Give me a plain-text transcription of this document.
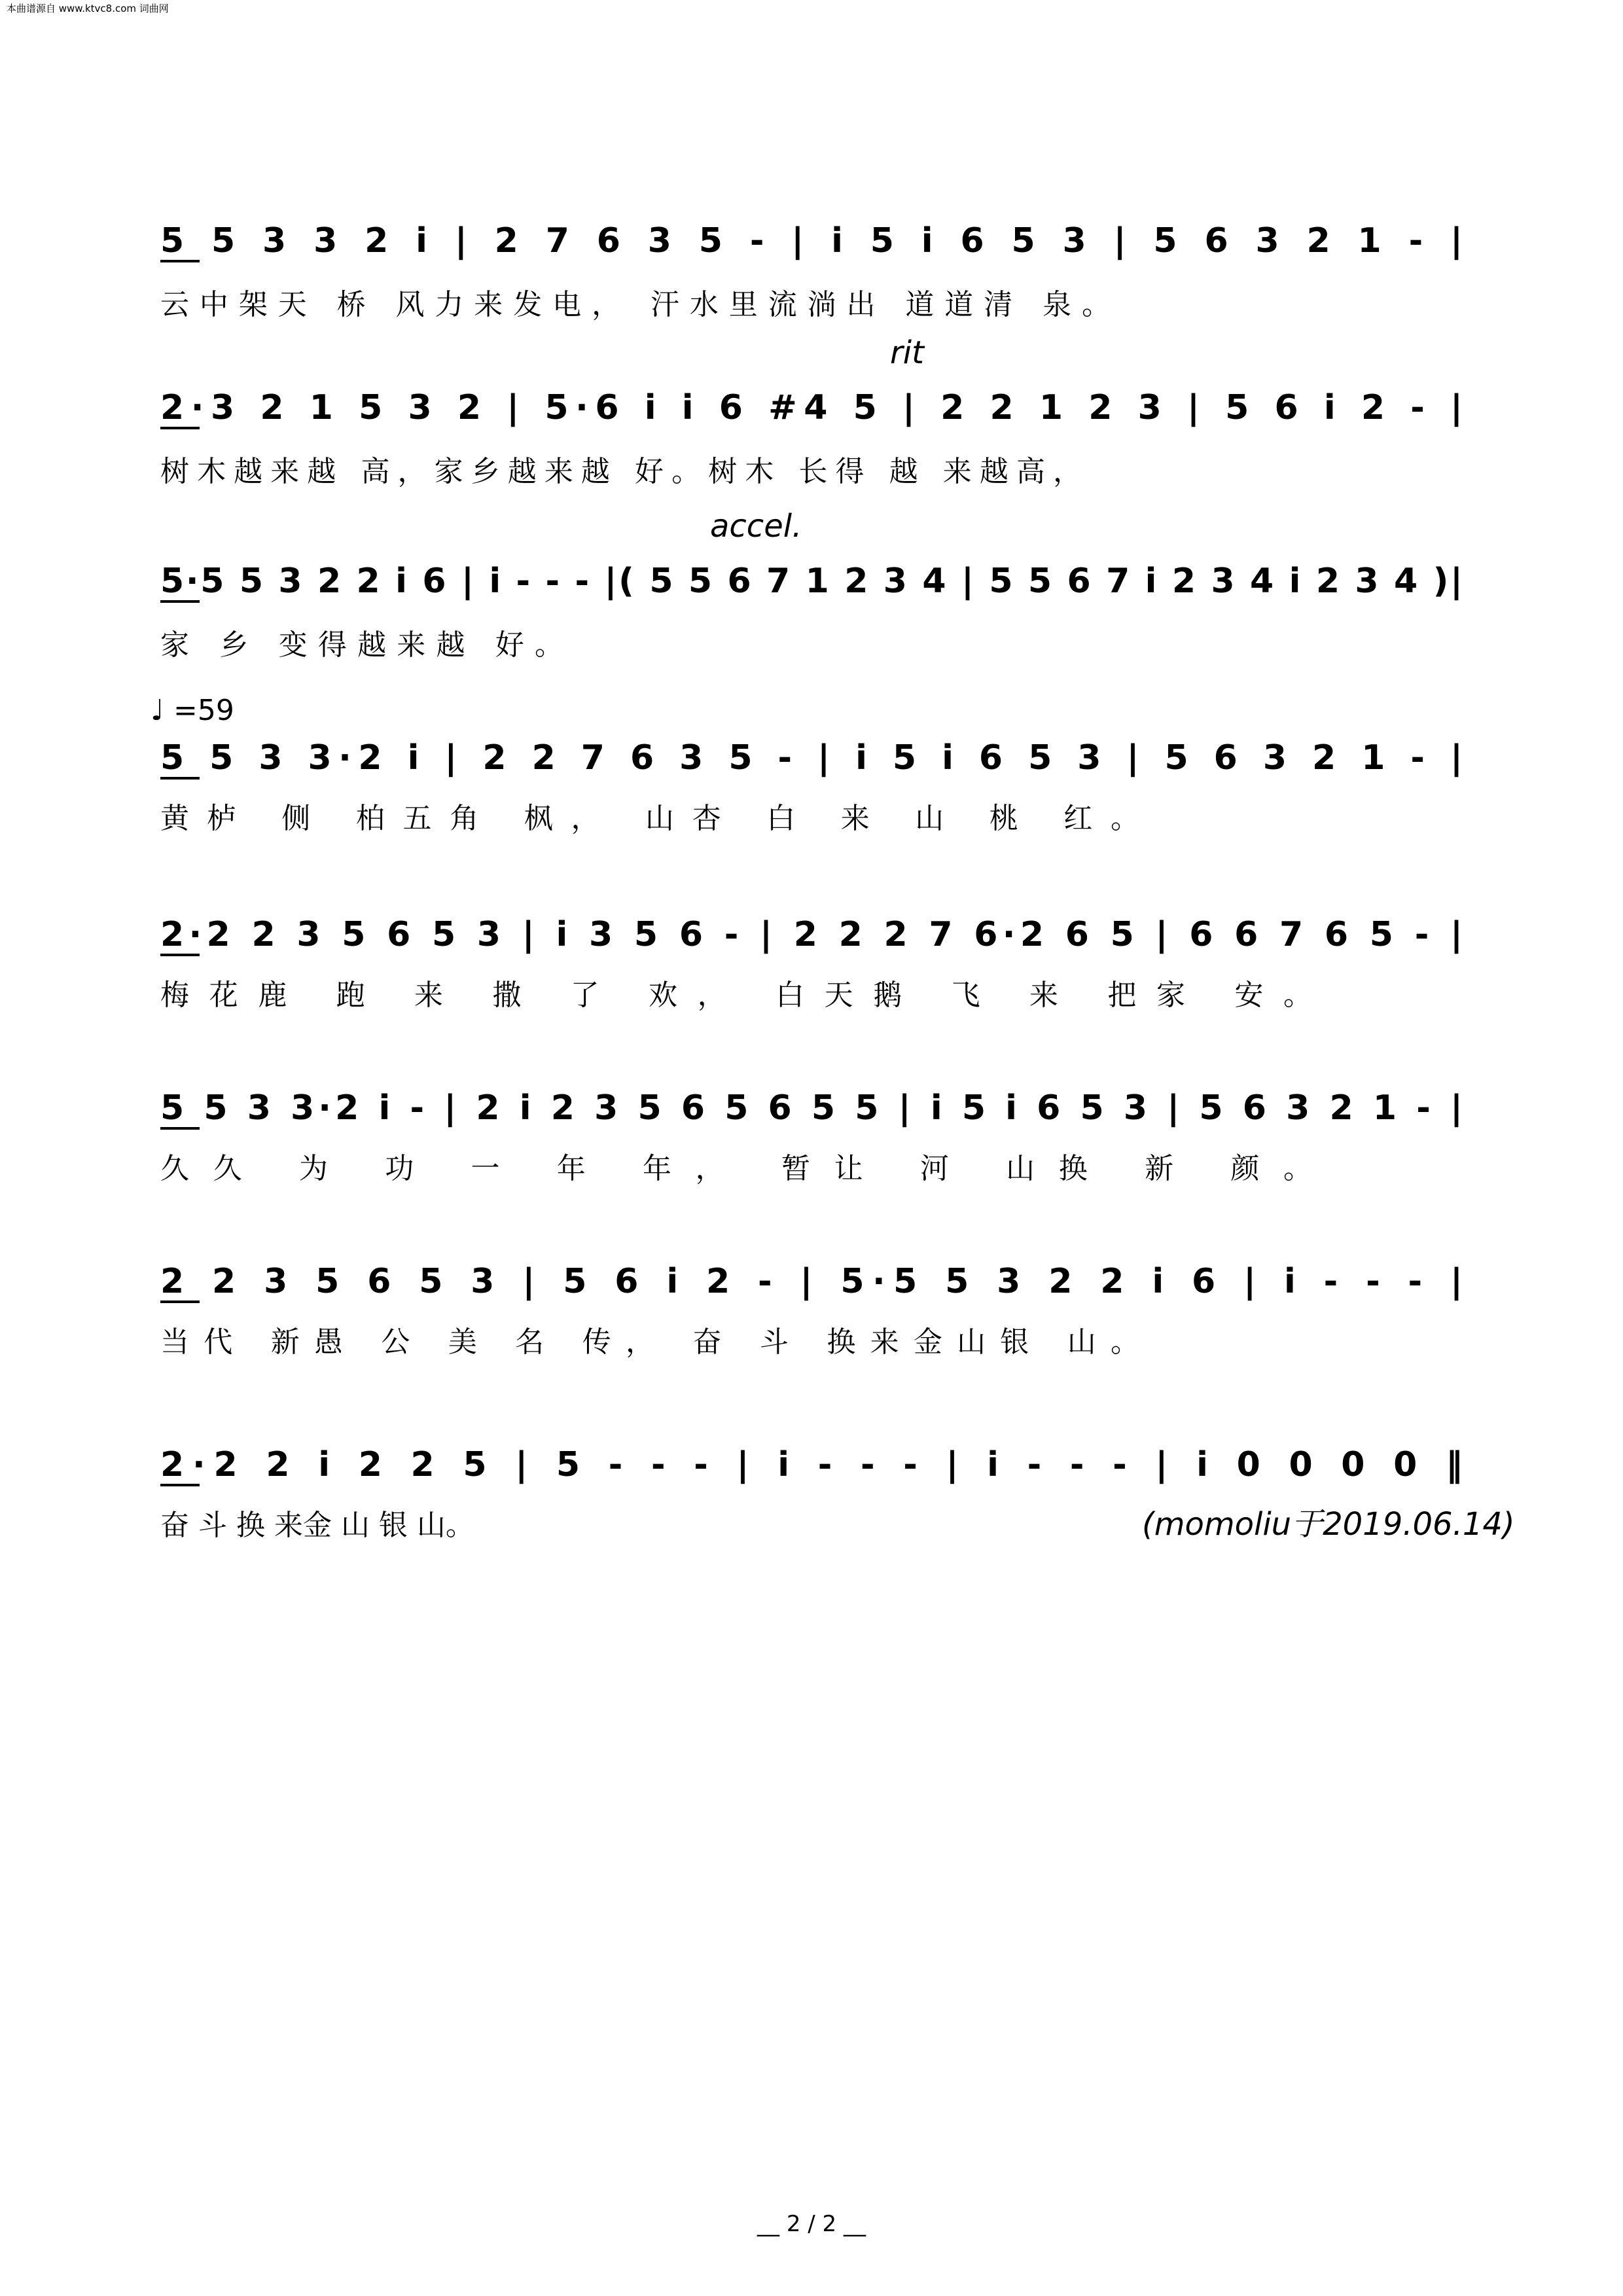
本曲谱源自 www.ktvc8.com 词曲网
5 5 3 3 2 i | 2 7 6 3 5 - | i 5 i 6 5 3 | 5 6 3 2 1 - |
云中架天 桥 风力来发电， 汗水里流淌出 道道清 泉。
2·3 2 1 5 3 2 | 5·6 i i 6 #4 5 | 2 2 1 2 3 | 5 6 i 2 - |
树木越来越 高，家乡越来越 好。树木 长得 越 来越高，
rit
5·5 5 3 2 2 i 6 | i - - - |( 5 5 6 7 1 2 3 4 | 5 5 6 7 i 2 3 4 i 2 3 4 )|
家 乡 变得越来越 好。
accel.
5 5 3 3·2 i | 2 2 7 6 3 5 - | i 5 i 6 5 3 | 5 6 3 2 1 - |
黄栌 侧 柏五角 枫， 山杏 白 来 山 桃 红。
♩ =59
2·2 2 3 5 6 5 3 | i 3 5 6 - | 2 2 2 7 6·2 6 5 | 6 6 7 6 5 - |
梅花鹿 跑 来 撒 了 欢， 白天鹅 飞 来 把家 安。
5 5 3 3·2 i - | 2 i 2 3 5 6 5 6 5 5 | i 5 i 6 5 3 | 5 6 3 2 1 - |
久久 为 功 一 年 年， 暂让 河 山换 新 颜。
2 2 3 5 6 5 3 | 5 6 i 2 - | 5·5 5 3 2 2 i 6 | i - - - |
当代 新愚 公 美 名 传， 奋 斗 换来金山银 山。
2·2 2 i 2 2 5 | 5 - - - | i - - - | i - - - | i 0 0 0 0 ‖
奋 斗 换 来金 山 银 山。	(momoliu于2019.06.14)
__ 2 / 2 __
